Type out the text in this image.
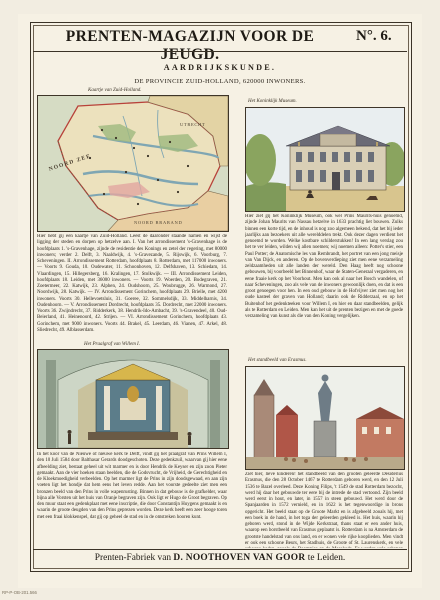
PRENTEN-MAGAZIJN VOOR DE JEUGD.
N°. 6.
AARDRIJKSKUNDE.
DE PROVINCIE ZUID-HOLLAND, 620000 INWONERS.
Kaartje van Zuid-Holland.
NOORD ZEE
NOORD BRABAND
UTRECHT
Het Koninklijk Museum.
Hier hebt gij een kaartje van Zuid-Holland. Leest de daaronder staande namen en wijst de ligging der steden en dorpen op hetzelve aan. I. Van het arrondissement 's-Gravenhage is de hoofdplaats 1. 's-Gravenhage, zijnde de residentie des Konings en zetel der regering, met 80000 inwoners; verder 2. Delft, 3. Naaldwijk, 4. 's-Gravezande, 5. Rijswijk, 6. Voorburg, 7. Scheveningen. II. Arrondissement Rotterdam, hoofdplaats 8. Rotterdam, met 117000 inwoners. — Voorts 9. Gouda, 10. Oudewater, 11. Schoonhoven, 12. Delfshaven, 13. Schiedam, 14. Vlaardingen, 15. Hillegersberg, 16. Kralingen, 17. Stolkwijk. — III. Arrondissement Leiden, hoofdplaats 18. Leiden, met 36000 inwoners. — Voorts 19. Woerden, 20. Bodegraven, 21. Zoetermeer, 22. Katwijk, 23. Alphen, 24. Oudshoorn, 25. Woubrugge, 26. Warmond, 27. Noordwijk, 28. Katwijk. — IV. Arrondissement Gorinchem, hoofdplaats 29. Brielle, met 4200 inwoners. Voorts 30. Hellevoetsluis, 31. Goeree, 32. Sommelsdijk, 33. Middelharnis, 34. Oudenhoorn. — V. Arrondissement Dordrecht, hoofdplaats 35. Dordrecht, met 22000 inwoners. Voorts 36. Zwijndrecht, 37. Ridderkerk, 38. Hendrik-Ido-Ambacht, 39. 's-Gravendeel, 40. Oud-Beierland, 41. Heinenoord, 42. Strijen. — VI. Arrondissement Gorinchem, hoofdplaats 43. Gorinchem, met 9000 inwoners. Voorts 44. Brakel, 45. Leerdam, 46. Vianen, 47. Arkel, 48. Sliedrecht, 49. Alblasserdam.
Hier ziet gij het Koninklijk Museum, ook wel Prins Maurits-huis genoemd, zijnde Johan Maurits van Nassau hetzelve in 1633 prachtig liet bouwen. Zulks binnen een korte tijd, en de inhoud is nog zoo algemeen bekend, dat het bij ieder jaarlijks aan bezoekers uit alle werelddelen trekt. Ook dezer dagen verdient het genoemd te worden. Welke kostbare schilderstukken! In een lang verslag zou het te ver leiden, wilden wij allen noemen; wij noemen alleen: Potter's stier, een Paul Potter; de Anatomische les van Rembrandt, het portret van een jong meisje van Van Dijck, en anderen. Op de bovenverdieping ziet men eene verzameling zeldzaamheden uit alle landen der wereld. Den Haag heeft nog schoone gebouwen, bij voorbeeld het Binnenhof, waar de Staten-Generaal vergaderen, en eene fraaie kerk op het Voorhout. Men kan ook al naar het Bosch wandelen, of naar Scheveningen, zoo als vele van de inwoners gewoonlijk doen, en dat is een groot genoegen voor hen. In een oud gebouw in de Hofvijver ziet men nog het oude kasteel der graven van Holland; daarin ook de Ridderzaal, en op het Buitenhof het gedenkteeken voor Willem I, en hier en daar standbeelden, gelijk als te Rotterdam en Leiden. Men kan het uit de prenten bezigen en met de goede verzameling van kunst als die van den Koning vergelijken.
Het Praalgraf van Willem I.
Het standbeeld van Erasmus.
In het koor van de Nieuwe of nieuwe kerk te Delft, vindt gij het praalgraf van Prins Willem I, den 10 Juli 1584 door Balthasar Gerards doodgeschoten. Deze gedenkzuil, waarvan gij hier eene afbeelding ziet, bestaat geheel uit wit marmer en is door Hendrik de Keyser en zijn zoon Pieter gemaakt. Aan de vier hoeken staan beelden, die de Godsvrucht, de Vrijheid, de Gerechtigheid en de Kloekmoedigheid verbeelden. Op het marmer ligt de Prins in zijn doodsgewaad, en aan zijn voeten ligt het hondje dat hem eens het leven redde. Aan het voorste gedeelte ziet men een bronzen beeld van den Prins in volle wapenrusting. Binnen in dat gebouw is de grafkelder, waar bijna alle Vorsten uit het huis van Oranje begraven zijn. Ook ligt er Hugo de Groot begraven. Op den muur staat een gedenkplaat met eene inscriptie, die door Constantijn Huygens gemaakt is en waarin de groote deugden van den Prins geprezen worden. Deze kerk heeft een zeer hooge toren met een fraai klokkenspel, dat gij op geheel de stad en in de omstreken hooren kunt.
Ziet hier, lieve kinderen! het standbeeld van den grooten geleerde Desiderius Erasmus, die den 28 October 1467 te Rotterdam geboren werd, en den 12 Juli 1536 te Bazel overleed. Deze Koning Filips, 't 1549 de stad Rotterdam bezocht, werd hij daar het gebouwde ter eere bij de intrede de stad vertoond. Zijn beeld werd eerst in hout, en later, in 1557 in steen gebouwd. Het werd door de Spanjaarden in 1572 vernield, en in 1622 is het tegenwoordige in brons opgericht. Het beeld staat op de Groote Markt en is afgebeeld zooals hij, met een boek in de hand, in het toga der geleerden gekleed is. Het huis, waarin hij geboren werd, stond in de Wijde Kerkstraat, thans staat er een ander huis, waarop een borstbeeld van Erasmus geplaatst is. Rotterdam is na Amsterdam de grootste handelstad van ons land, en er wonen vele rijke kooplieden. Men vindt er ook een schoone Beurs, het Stadhuis, de Groote of St. Laurenskerk, en vele
Prenten-Fabriek van D. NOOTHOVEN VAN GOOR te Leiden.
RP-P-OB-201.566
